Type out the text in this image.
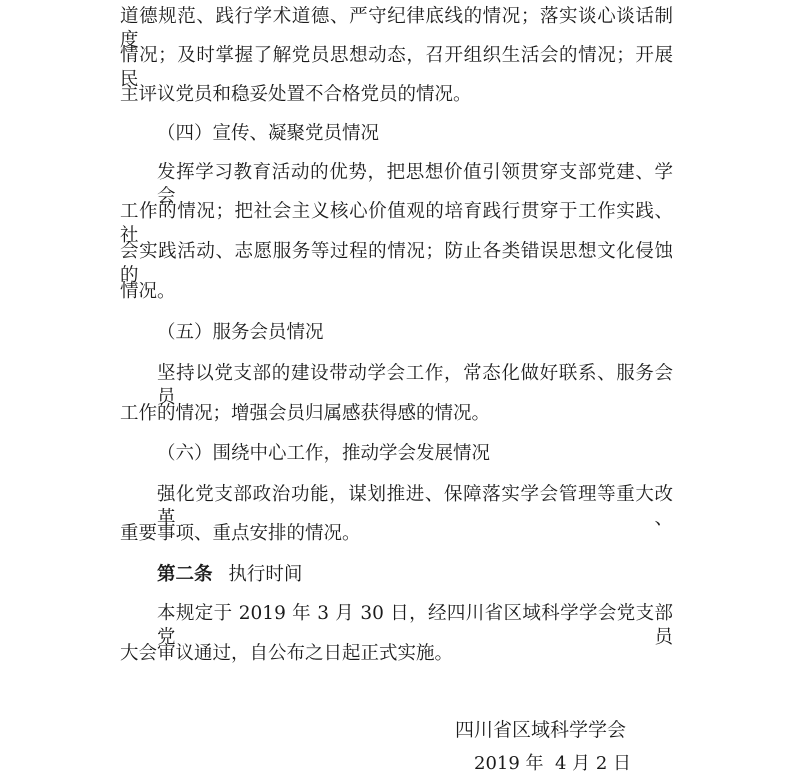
道德规范、践行学术道德、严守纪律底线的情况；落实谈心谈话制度
情况；及时掌握了解党员思想动态，召开组织生活会的情况；开展民
主评议党员和稳妥处置不合格党员的情况。
（四）宣传、凝聚党员情况
发挥学习教育活动的优势，把思想价值引领贯穿支部党建、学会
工作的情况；把社会主义核心价值观的培育践行贯穿于工作实践、社
会实践活动、志愿服务等过程的情况；防止各类错误思想文化侵蚀的
情况。
（五）服务会员情况
坚持以党支部的建设带动学会工作，常态化做好联系、服务会员
工作的情况；增强会员归属感获得感的情况。
（六）围绕中心工作，推动学会发展情况
强化党支部政治功能，谋划推进、保障落实学会管理等重大改革、
重要事项、重点安排的情况。
第二条 执行时间
本规定于 2019 年 3 月 30 日，经四川省区域科学学会党支部党员
大会审议通过，自公布之日起正式实施。
四川省区域科学学会
2019 年  4 月 2 日
